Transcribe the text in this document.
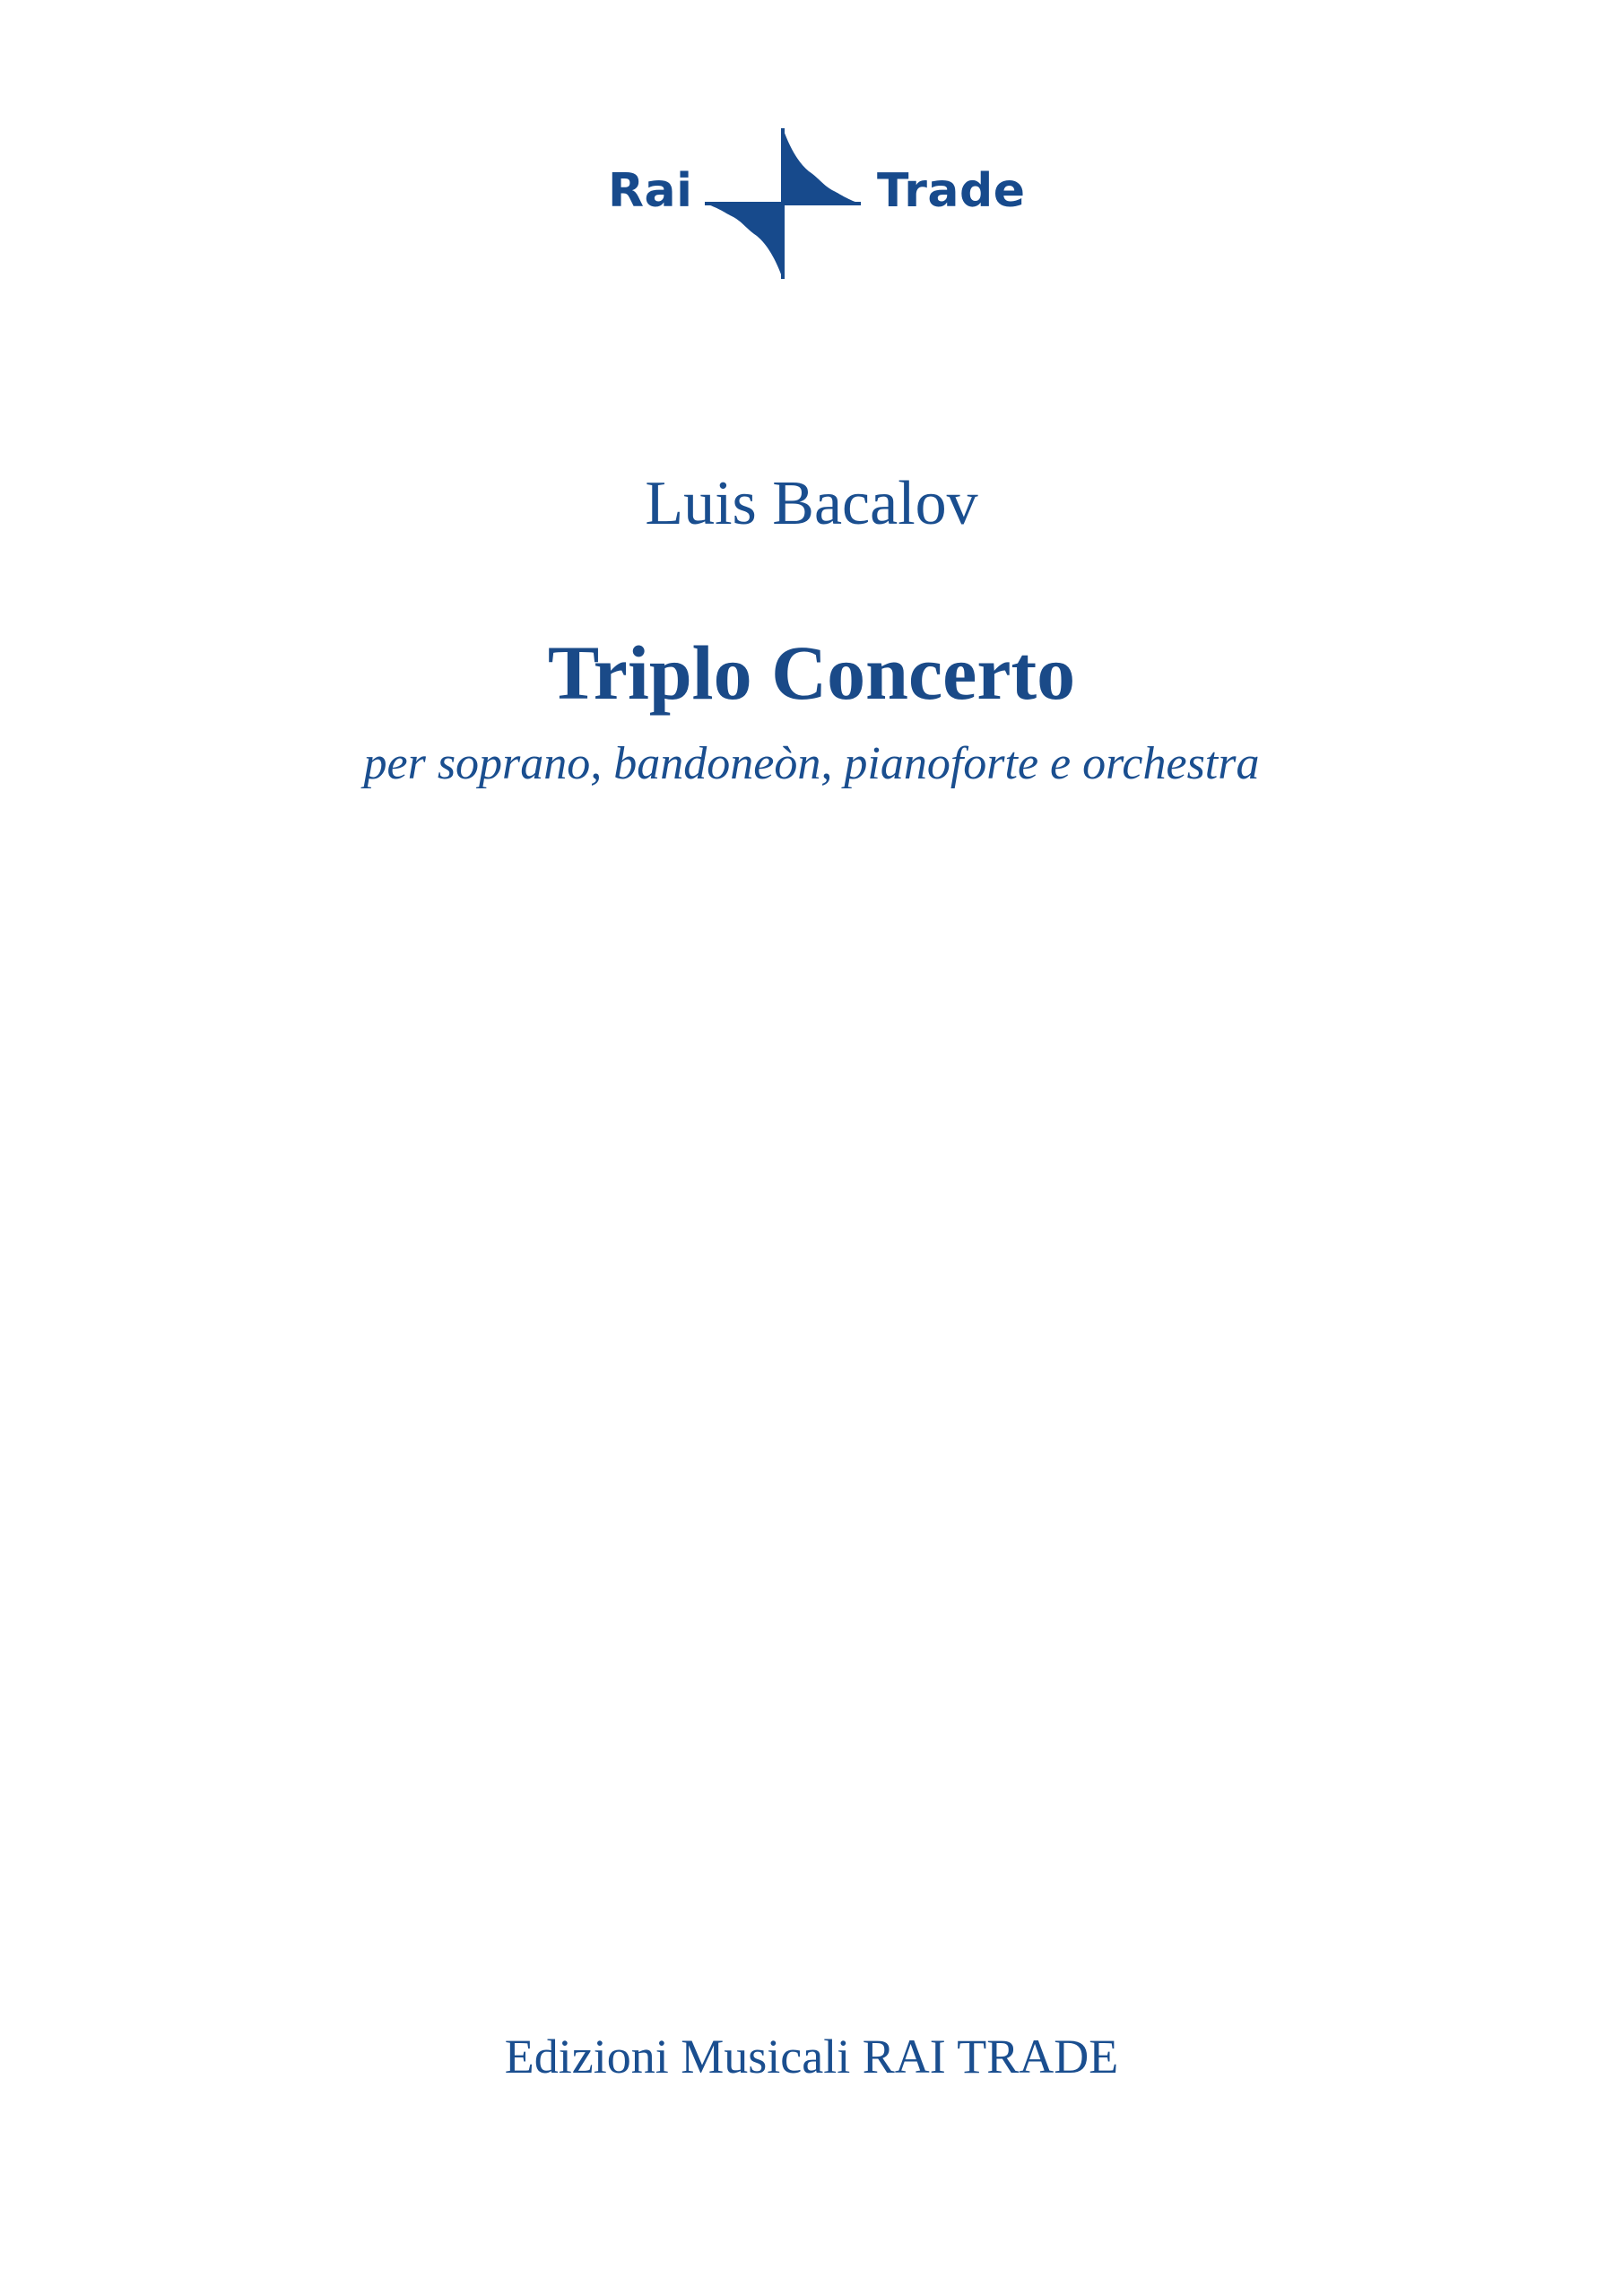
Rai	Trade
Luis Bacalov
Triplo Concerto
per soprano, bandoneòn, pianoforte e orchestra
Edizioni Musicali RAI TRADE
